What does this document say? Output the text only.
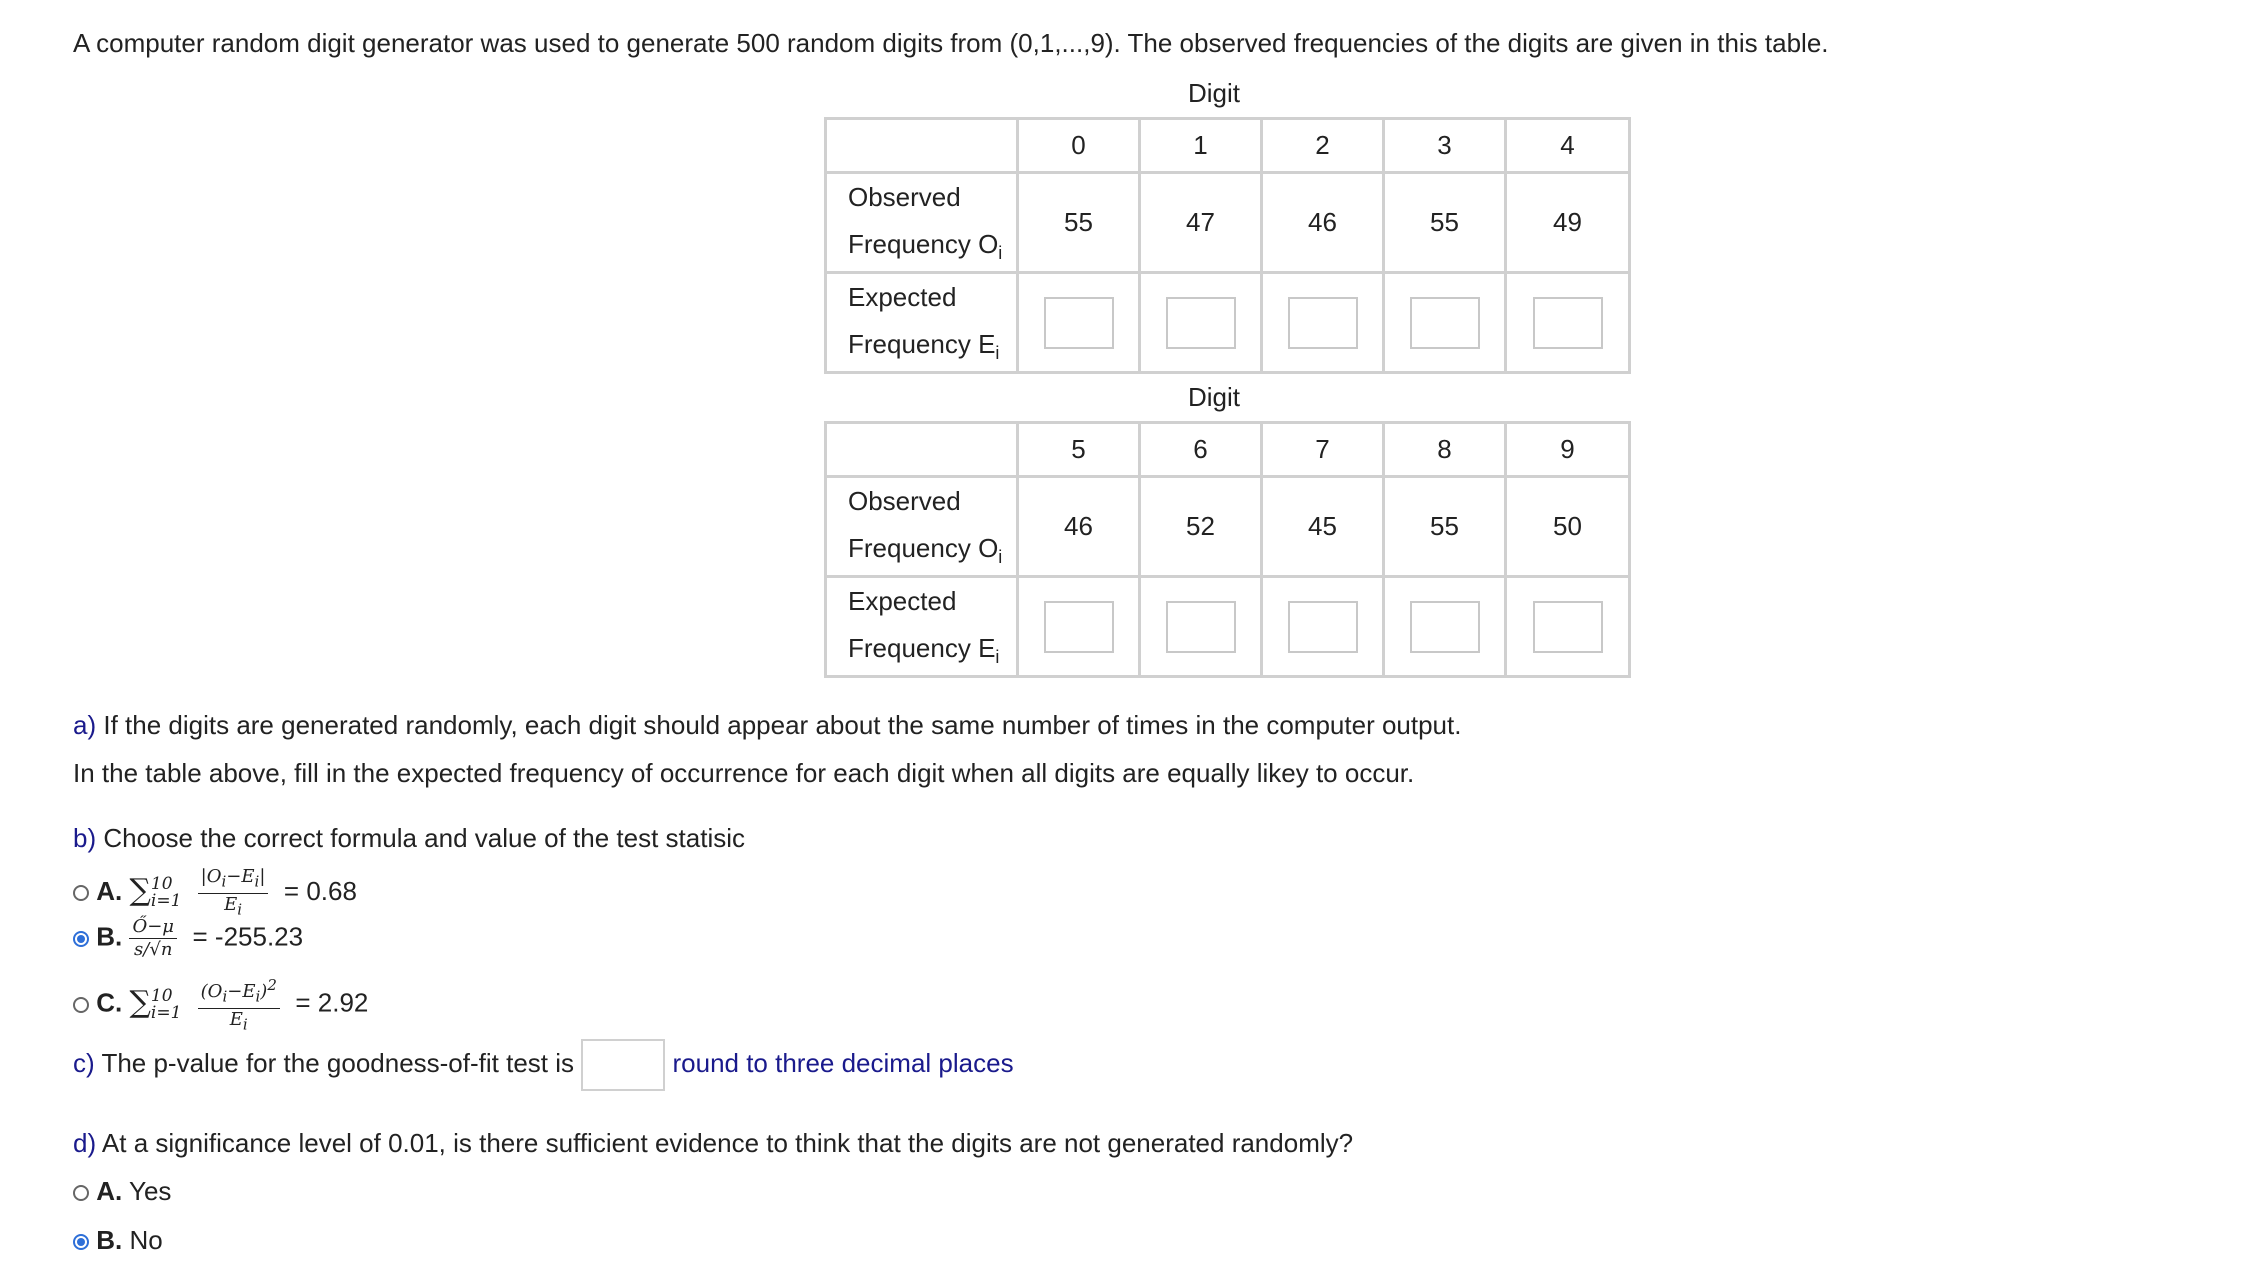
A computer random digit generator was used to generate 500 random digits from (0,1,...,9). The observed frequencies of the digits are given in this table.
Digit
	0	1	2	3	4
Observed
Frequency $O_i$	55	47	46	55	49
Expected
Frequency $E_i$					
Digit
	5	6	7	8	9
Observed
Frequency $O_i$	46	52	45	55	50
Expected
Frequency $E_i$					
a) If the digits are generated randomly, each digit should appear about the same number of times in the computer output.
In the table above, fill in the expected frequency of occurrence for each digit when all digits are equally likey to occur.
b) Choose the correct formula and value of the test statisic
A. ∑ 10
i=1
$\frac{|O_i-E_i|}{E_i} = 0.68$
B. $\frac{Ő-\mu}{s/√n} = -255.23$
C. ∑ 10
i=1
$\frac{(O_i-E_i)^2}{E_i} = 2.92$
c) The p-value for the goodness-of-fit test is	round to three decimal places
d) At a significance level of 0.01, is there sufficient evidence to think that the digits are not generated randomly?
A. Yes
B. No
